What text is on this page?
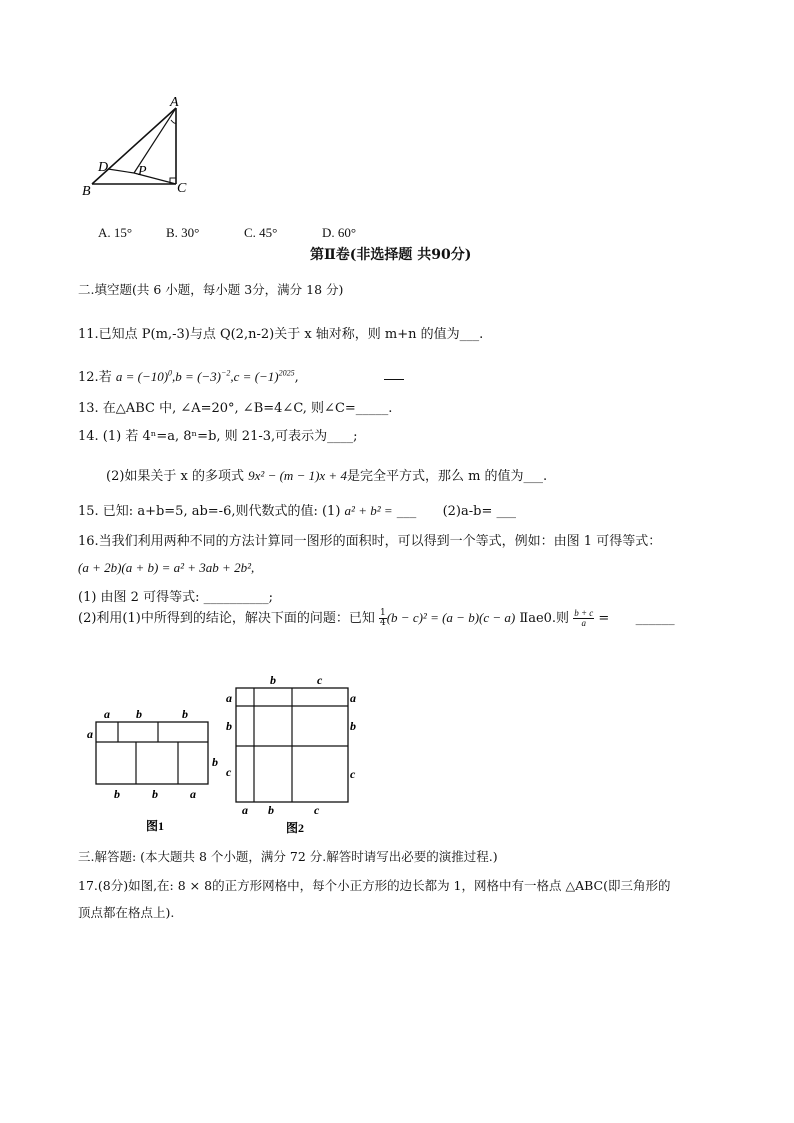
A
B	C
D P
A. 15°	B. 30°	C. 45°	D. 60°
第Ⅱ卷(非选择题 共90分)
二.填空题(共 6 小题，每小题 3分，满分 18 分)
11.已知点 P(m,-3)与点 Q(2,n-2)关于 x 轴对称，则 m+n 的值为___.
12.若 $a = (-10)^0,b = (-3)^{-2},c = (-1)^{2025}$,
13. 在△ABC 中, ∠A=20°, ∠B=4∠C, 则∠C=_____.
14. (1) 若 4ⁿ=a, 8ⁿ=b, 则 21-3,可表示为____;
(2)如果关于 x 的多项式 9x² − (m − 1)x + 4是完全平方式，那么 m 的值为___.
15. 已知: a+b=5, ab=-6,则代数式的值: (1) a² + b² = ___ (2)a-b= ___
16.当我们利用两种不同的方法计算同一图形的面积时，可以得到一个等式，例如：由图 1 可得等式：
(a + 2b)(a + b) = a² + 3ab + 2b²,
(1) 由图 2 可得等式: __________;
(2)利用(1)中所得到的结论，解决下面的问题：已知 $\frac{1}{4} (b - c)^2 = (a - b)(c - a)$ Ⅱae0.则 $\frac{b + c}{a}$ = ______
a b	b
a
b
b	b	a
图1
b	c
a
b
c
a
b
c
a b	c
图2
三.解答题: (本大题共 8 个小题，满分 72 分.解答时请写出必要的演推过程.)
17.(8分)如图,在: 8 × 8的正方形网格中，每个小正方形的边长都为 1，网格中有一格点 △ABC(即三角形的
顶点都在格点上).
